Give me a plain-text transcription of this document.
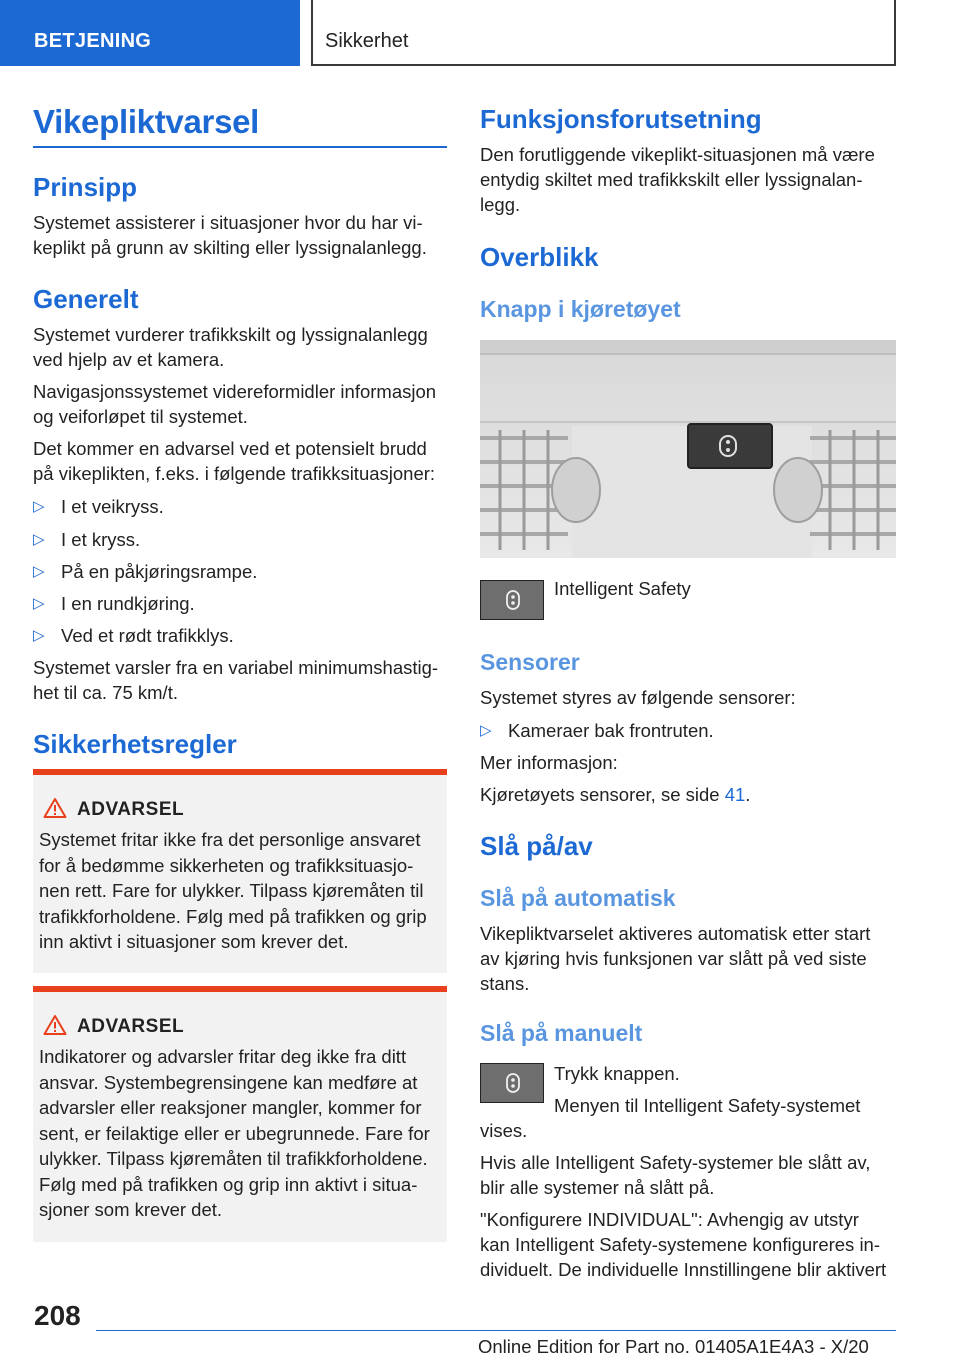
BETJENING	Sikkerhet
Vikepliktvarsel
Prinsipp
Systemet assisterer i situasjoner hvor du har vi-
keplikt på grunn av skilting eller lyssignalanlegg.
Generelt
Systemet vurderer trafikkskilt og lyssignalanlegg
ved hjelp av et kamera.
Navigasjonssystemet videreformidler informasjon
og veiforløpet til systemet.
Det kommer en advarsel ved et potensielt brudd
på vikeplikten, f.eks. i følgende trafikksituasjoner:
▷ I et veikryss.
▷ I et kryss.
▷ På en påkjøringsrampe.
▷ I en rundkjøring.
▷ Ved et rødt trafikklys.
Systemet varsler fra en variabel minimumshastig-
het til ca. 75 km/t.
Sikkerhetsregler
ADVARSEL
Systemet fritar ikke fra det personlige ansvaret
for å bedømme sikkerheten og trafikksituasjo-
nen rett. Fare for ulykker. Tilpass kjøremåten til
trafikkforholdene. Følg med på trafikken og grip
inn aktivt i situasjoner som krever det.
ADVARSEL
Indikatorer og advarsler fritar deg ikke fra ditt
ansvar. Systembegrensingene kan medføre at
advarsler eller reaksjoner mangler, kommer for
sent, er feilaktige eller er ubegrunnede. Fare for
ulykker. Tilpass kjøremåten til trafikkforholdene.
Følg med på trafikken og grip inn aktivt i situa-
sjoner som krever det.
Funksjonsforutsetning
Den forutliggende vikeplikt-situasjonen må være
entydig skiltet med trafikkskilt eller lyssignalan-
legg.
Overblikk
Knapp i kjøretøyet
Intelligent Safety
Sensorer
Systemet styres av følgende sensorer:
▷ Kameraer bak frontruten.
Mer informasjon:
Kjøretøyets sensorer, se side 41.
Slå på/av
Slå på automatisk
Vikepliktvarselet aktiveres automatisk etter start
av kjøring hvis funksjonen var slått på ved siste
stans.
Slå på manuelt
Trykk knappen.
Menyen til Intelligent Safety-systemet
vises.
Hvis alle Intelligent Safety-systemer ble slått av,
blir alle systemer nå slått på.
"Konfigurere INDIVIDUAL": Avhengig av utstyr
kan Intelligent Safety-systemene konfigureres in-
dividuelt. De individuelle Innstillingene blir aktivert
208
Online Edition for Part no. 01405A1E4A3 - X/20
